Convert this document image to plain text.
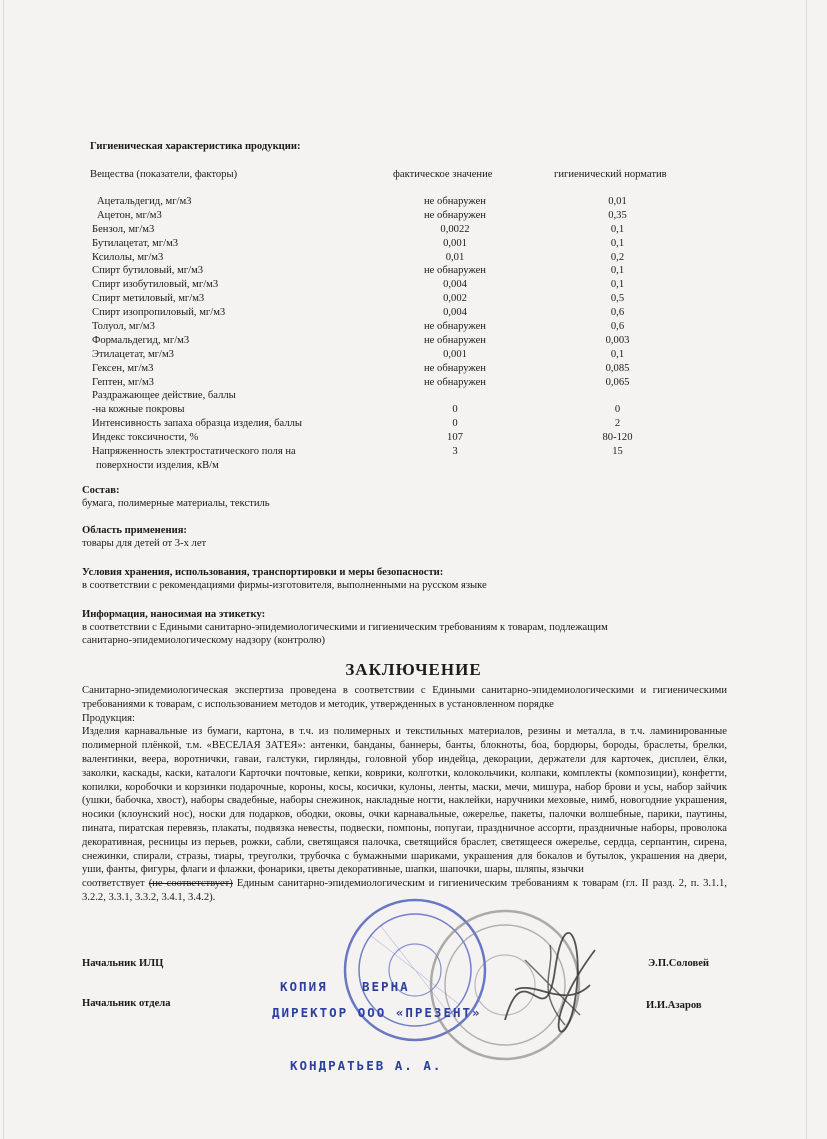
Гигиеническая характеристика продукции:
Вещества (показатели, факторы)	фактическое значение	гигиенический норматив
Ацетальдегид, мг/м3	не обнаружен	0,01
Ацетон, мг/м3	не обнаружен	0,35
Бензол, мг/м3	0,0022	0,1
Бутилацетат, мг/м3	0,001	0,1
Ксилолы, мг/м3	0,01	0,2
Спирт бутиловый, мг/м3	не обнаружен	0,1
Спирт изобутиловый, мг/м3	0,004	0,1
Спирт метиловый, мг/м3	0,002	0,5
Спирт изопропиловый, мг/м3	0,004	0,6
Толуол, мг/м3	не обнаружен	0,6
Формальдегид, мг/м3	не обнаружен	0,003
Этилацетат, мг/м3	0,001	0,1
Гексен, мг/м3	не обнаружен	0,085
Гептен, мг/м3	не обнаружен	0,065
Раздражающее действие, баллы
-на кожные покровы	0	0
Интенсивность запаха образца изделия, баллы	0	2
Индекс токсичности, %	107	80-120
Напряженность электростатического поля на	3	15
поверхности изделия, кВ/м
Состав:
бумага, полимерные материалы, текстиль
Область применения:
товары для детей от 3-х лет
Условия хранения, использования, транспортировки и меры безопасности:
в соответствии с рекомендациями фирмы-изготовителя, выполненными на русском языке
Информация, наносимая на этикетку:
в соответствии с Едиными санитарно-эпидемиологическими и гигиеническим требованиям к товарам, подлежащим
санитарно-эпидемиологическому надзору (контролю)
ЗАКЛЮЧЕНИЕ

Санитарно-эпидемиологическая экспертиза проведена в соответствии с Едиными санитарно-эпидемиологическими и гигиеническими требованиями к товарам, с использованием методов и методик, утвержденных в установленном порядке

Продукция:

Изделия карнавальные из бумаги, картона, в т.ч. из полимерных и текстильных материалов, резины и металла, в т.ч. ламинированные полимерной плёнкой, т.м. «ВЕСЕЛАЯ ЗАТЕЯ»: антенки, банданы, баннеры, банты, блокноты, боа, бордюры, бороды, браслеты, брелки, валентинки, веера, воротнички, гавaи, галстуки, гирлянды, головной убор индейца, декорации, держатели для карточек, дисплеи, ёлки, заколки, каскады, каски, каталоги Карточки почтовые, кепки, коврики, колготки, колокольчики, колпаки, комплекты (композиции), конфетти, копилки, коробочки и корзинки подарочные, короны, косы, косички, кулоны, ленты, маски, мечи, мишура, набор брови и усы, набор зайчик (ушки, бабочка, хвост), наборы свадебные, наборы снежинок, накладные ногти, наклейки, наручники меховые, нимб, новогодние украшения, носики (клоунский нос), носки для подарков, ободки, оковы, очки карнавальные, ожерелье, пакеты, палочки волшебные, парики, паутины, пината, пиратская перевязь, плакаты, подвязка невесты, подвески, помпоны, попугаи, праздничное ассорти, праздничные наборы, проволока декоративная, ресницы из перьев, рожки, сабли, светящаяся палочка, светящийся браслет, светящееся ожерелье, сердца, серпантин, сирена, снежинки, спирали, стразы, тиары, треуголки, трубочка с бумажными шариками, украшения для бокалов и бутылок, украшения на двери, уши, фанты, фигуры, флаги и флажки, фонарики, цветы декоративные, шапки, шапочки, шары, шляпы, язычки

соответствует (не соответствует) Единым санитарно-эпидемиологическим и гигиеническим требованиям к товарам (гл. II разд. 2, п. 3.1.1, 3.2.2, 3.3.1, 3.3.2, 3.4.1, 3.4.2).

Начальник ИЛЦ	Э.П.Соловей
Начальник отдела	И.И.Азаров
КОПИЯ	ВЕРНА
ДИРЕКТОР ООО «ПРЕЗЕНТ»
КОНДРАТЬЕВ А. А.
